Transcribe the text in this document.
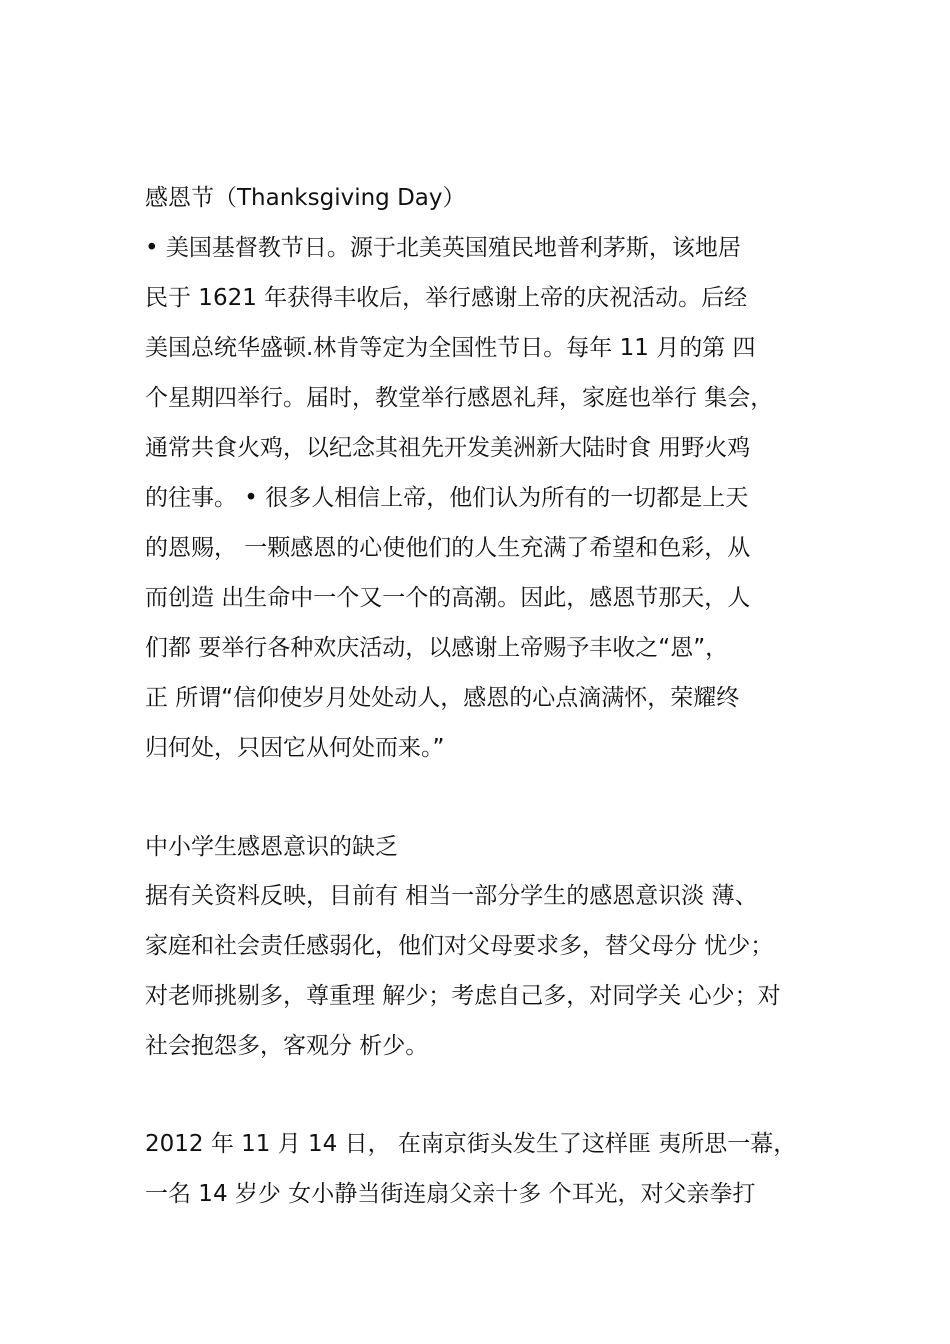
感恩节（Thanksgiving Day）
• 美国基督教节日。源于北美英国殖民地普利茅斯，该地居
民于 1621 年获得丰收后，举行感谢上帝的庆祝活动。后经
美国总统华盛顿.林肯等定为全国性节日。每年 11 月的第 四
个星期四举行。届时，教堂举行感恩礼拜，家庭也举行 集会，
通常共食火鸡，以纪念其祖先开发美洲新大陆时食 用野火鸡
的往事。 • 很多人相信上帝，他们认为所有的一切都是上天
的恩赐， 一颗感恩的心使他们的人生充满了希望和色彩，从
而创造 出生命中一个又一个的高潮。因此，感恩节那天，人
们都 要举行各种欢庆活动，以感谢上帝赐予丰收之“恩”，
正 所谓“信仰使岁月处处动人，感恩的心点滴满怀，荣耀终
归何处，只因它从何处而来。”
中小学生感恩意识的缺乏
据有关资料反映，目前有 相当一部分学生的感恩意识淡 薄、
家庭和社会责任感弱化，他们对父母要求多，替父母分 忧少；
对老师挑剔多，尊重理 解少；考虑自己多，对同学关 心少；对
社会抱怨多，客观分 析少。
2012 年 11 月 14 日， 在南京街头发生了这样匪 夷所思一幕，
一名 14 岁少 女小静当街连扇父亲十多 个耳光，对父亲拳打
